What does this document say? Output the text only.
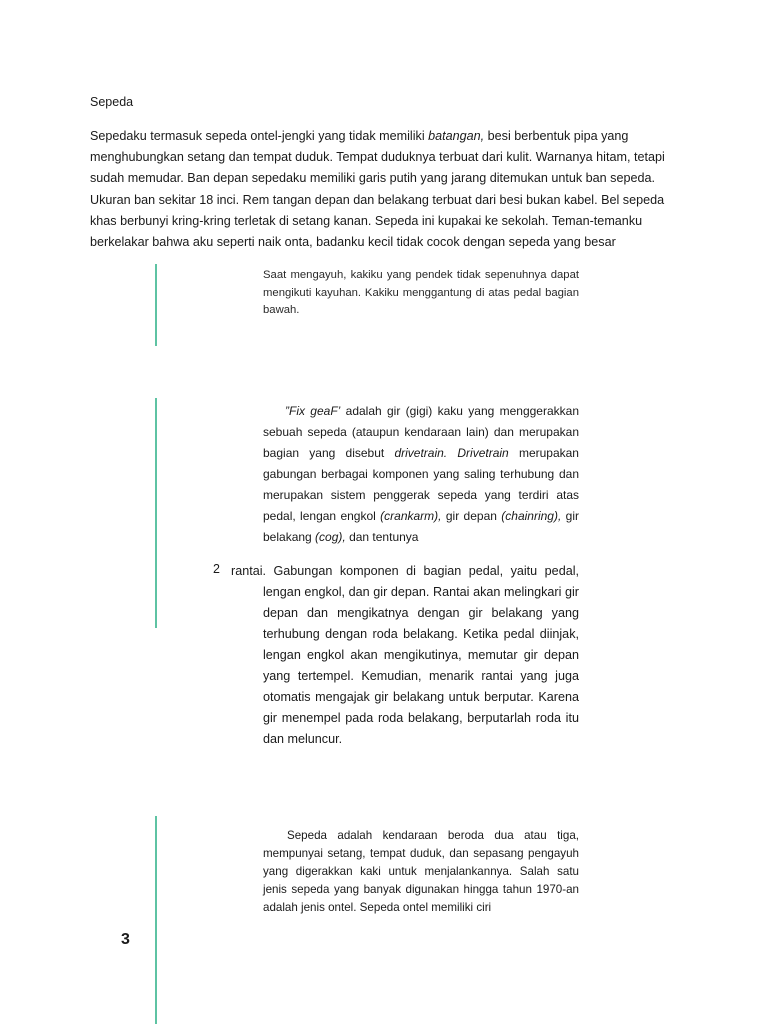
Sepeda

Sepedaku termasuk sepeda ontel-jengki yang tidak memiliki batangan, besi berbentuk pipa yang menghubungkan setang dan tempat duduk. Tempat duduknya terbuat dari kulit. Warnanya hitam, tetapi sudah memudar. Ban depan sepedaku memiliki garis putih yang jarang ditemukan untuk ban sepeda. Ukuran ban sekitar 18 inci. Rem tangan depan dan belakang terbuat dari besi bukan kabel. Bel sepeda khas berbunyi kring-kring terletak di setang kanan. Sepeda ini kupakai ke sekolah. Teman-temanku berkelakar bahwa aku seperti naik onta, badanku kecil tidak cocok dengan sepeda yang besar

Saat mengayuh, kakiku yang pendek tidak sepenuhnya dapat mengikuti kayuhan. Kakiku menggantung di atas pedal bagian bawah.

”Fix geaF’ adalah gir (gigi) kaku yang menggerakkan sebuah sepeda (ataupun kendaraan lain) dan merupakan bagian yang disebut drivetrain. Drivetrain merupakan gabungan berbagai komponen yang saling terhubung dan merupakan sistem penggerak sepeda yang terdiri atas pedal, lengan engkol (crankarm), gir depan (chainring), gir belakang (cog), dan tentunya

2 rantai. Gabungan komponen di bagian pedal, yaitu pedal, lengan engkol, dan gir depan. Rantai akan melingkari gir depan dan mengikatnya dengan gir belakang yang terhubung dengan roda belakang. Ketika pedal diinjak, lengan engkol akan mengikutinya, memutar gir depan yang tertempel. Kemudian, menarik rantai yang juga otomatis mengajak gir belakang untuk berputar. Karena gir menempel pada roda belakang, berputarlah roda itu dan meluncur.

Sepeda adalah kendaraan beroda dua atau tiga, mempunyai setang, tempat duduk, dan sepasang pengayuh yang digerakkan kaki untuk menjalankannya. Salah satu jenis sepeda yang banyak digunakan hingga tahun 1970-an adalah jenis ontel. Sepeda ontel memiliki ciri

3
